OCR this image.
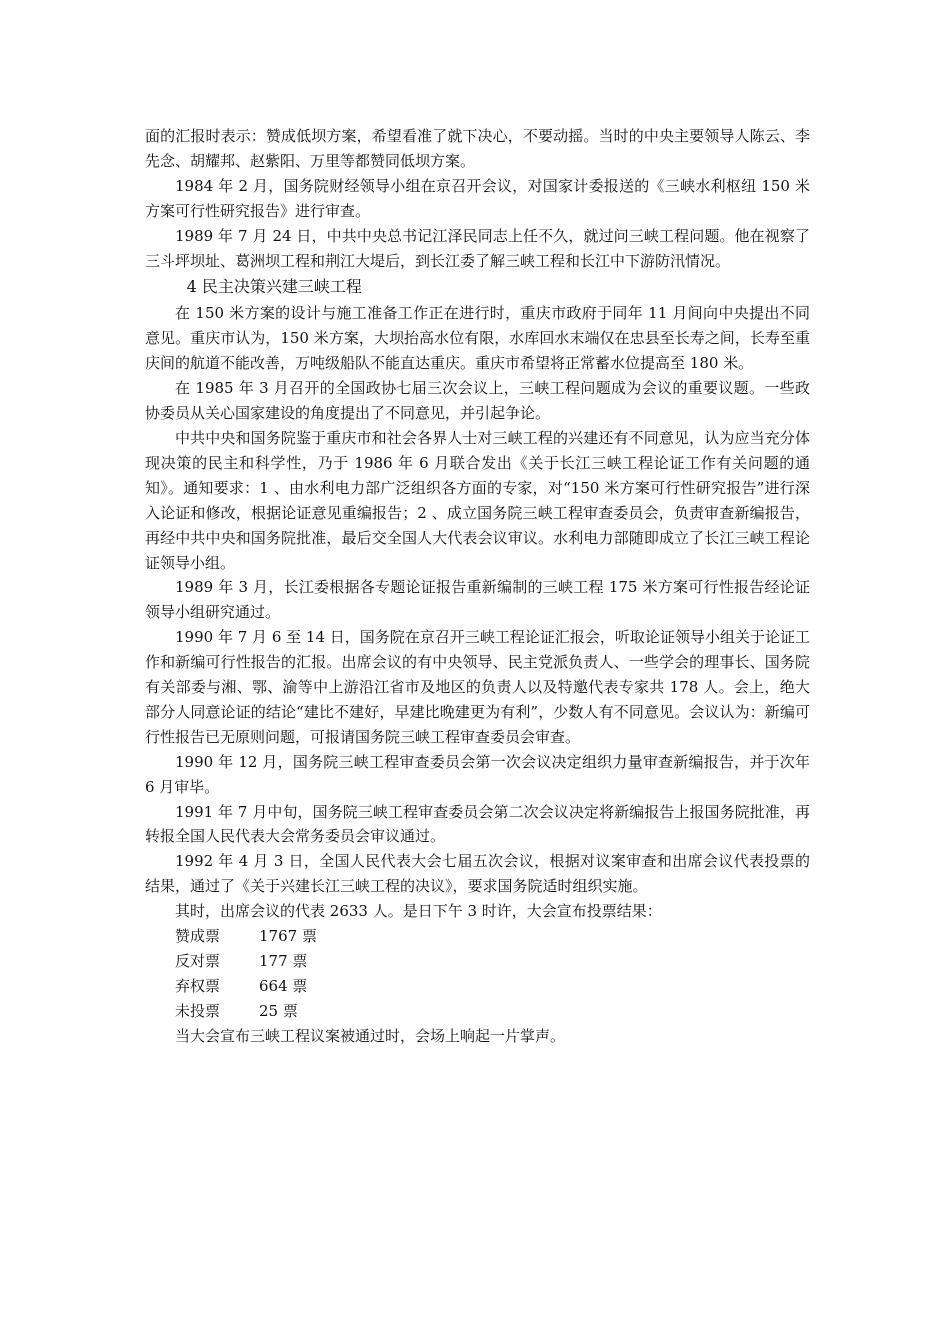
面的汇报时表示：赞成低坝方案，希望看准了就下决心，不要动摇。当时的中央主要领导人陈云、李先念、胡耀邦、赵紫阳、万里等都赞同低坝方案。

1984 年 2 月，国务院财经领导小组在京召开会议，对国家计委报送的《三峡水利枢纽 150 米方案可行性研究报告》进行审查。

1989 年 7 月 24 日，中共中央总书记江泽民同志上任不久，就过问三峡工程问题。他在视察了三斗坪坝址、葛洲坝工程和荆江大堤后，到长江委了解三峡工程和长江中下游防汛情况。

4 民主决策兴建三峡工程

在 150 米方案的设计与施工准备工作正在进行时，重庆市政府于同年 11 月间向中央提出不同意见。重庆市认为，150 米方案，大坝抬高水位有限，水库回水末端仅在忠县至长寿之间，长寿至重庆间的航道不能改善，万吨级船队不能直达重庆。重庆市希望将正常蓄水位提高至 180 米。

在 1985 年 3 月召开的全国政协七届三次会议上，三峡工程问题成为会议的重要议题。一些政协委员从关心国家建设的角度提出了不同意见，并引起争论。

中共中央和国务院鉴于重庆市和社会各界人士对三峡工程的兴建还有不同意见，认为应当充分体现决策的民主和科学性，乃于 1986 年 6 月联合发出《关于长江三峡工程论证工作有关问题的通知》。通知要求：1 、由水利电力部广泛组织各方面的专家，对“150 米方案可行性研究报告”进行深入论证和修改，根据论证意见重编报告；2 、成立国务院三峡工程审查委员会，负责审查新编报告，再经中共中央和国务院批准，最后交全国人大代表会议审议。水利电力部随即成立了长江三峡工程论证领导小组。

1989 年 3 月，长江委根据各专题论证报告重新编制的三峡工程 175 米方案可行性报告经论证领导小组研究通过。

1990 年 7 月 6 至 14 日，国务院在京召开三峡工程论证汇报会，听取论证领导小组关于论证工作和新编可行性报告的汇报。出席会议的有中央领导、民主党派负责人、一些学会的理事长、国务院有关部委与湘、鄂、渝等中上游沿江省市及地区的负责人以及特邀代表专家共 178 人。会上，绝大部分人同意论证的结论“建比不建好，早建比晚建更为有利”，少数人有不同意见。会议认为：新编可行性报告已无原则问题，可报请国务院三峡工程审查委员会审查。

1990 年 12 月，国务院三峡工程审查委员会第一次会议决定组织力量审查新编报告，并于次年 6 月审毕。

1991 年 7 月中旬，国务院三峡工程审查委员会第二次会议决定将新编报告上报国务院批准，再转报全国人民代表大会常务委员会审议通过。

1992 年 4 月 3 日，全国人民代表大会七届五次会议，根据对议案审查和出席会议代表投票的结果，通过了《关于兴建长江三峡工程的决议》，要求国务院适时组织实施。

其时，出席会议的代表 2633 人。是日下午 3 时许，大会宣布投票结果：

赞成票	1767 票
反对票	177 票
弃权票	664 票
未投票	25 票

当大会宣布三峡工程议案被通过时，会场上响起一片掌声。
